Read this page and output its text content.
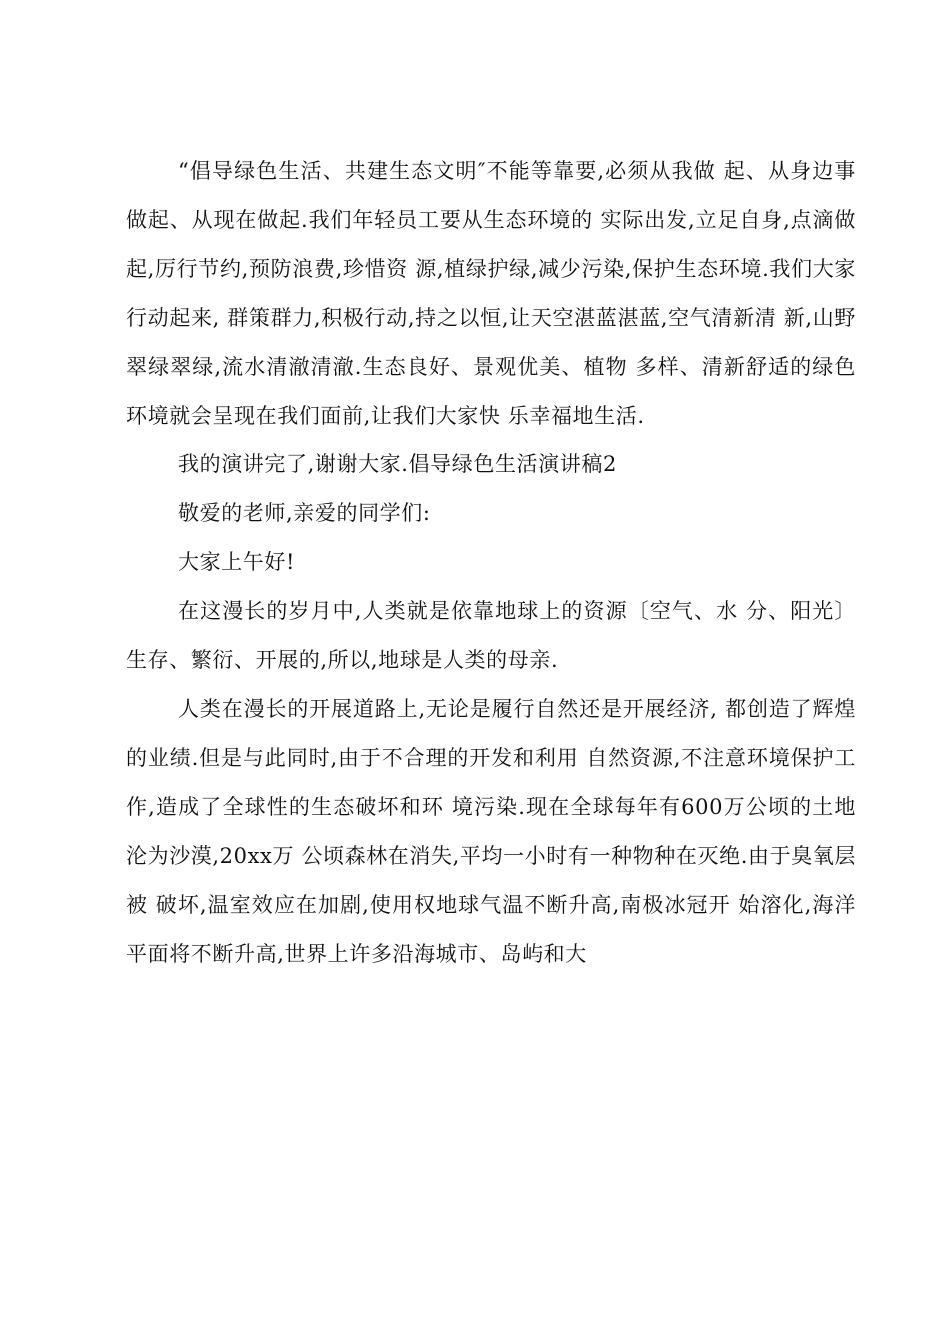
“倡导绿色生活、共建生态文明″不能等靠要,必须从我做 起、从身边事做起、从现在做起.我们年轻员工要从生态环境的 实际出发,立足自身,点滴做起,厉行节约,预防浪费,珍惜资 源,植绿护绿,减少污染,保护生态环境.我们大家行动起来, 群策群力,积极行动,持之以恒,让天空湛蓝湛蓝,空气清新清 新,山野翠绿翠绿,流水清澈清澈.生态良好、景观优美、植物 多样、清新舒适的绿色环境就会呈现在我们面前,让我们大家快 乐幸福地生活.

我的演讲完了,谢谢大家.倡导绿色生活演讲稿2

敬爱的老师,亲爱的同学们:

大家上午好!

在这漫长的岁月中,人类就是依靠地球上的资源〔空气、水 分、阳光〕生存、繁衍、开展的,所以,地球是人类的母亲.

人类在漫长的开展道路上,无论是履行自然还是开展经济, 都创造了辉煌的业绩.但是与此同时,由于不合理的开发和利用 自然资源,不注意环境保护工作,造成了全球性的生态破坏和环 境污染.现在全球每年有600万公顷的土地沦为沙漠,20xx万 公顷森林在消失,平均一小时有一种物种在灭绝.由于臭氧层被 破坏,温室效应在加剧,使用权地球气温不断升高,南极冰冠开 始溶化,海洋平面将不断升高,世界上许多沿海城市、岛屿和大
